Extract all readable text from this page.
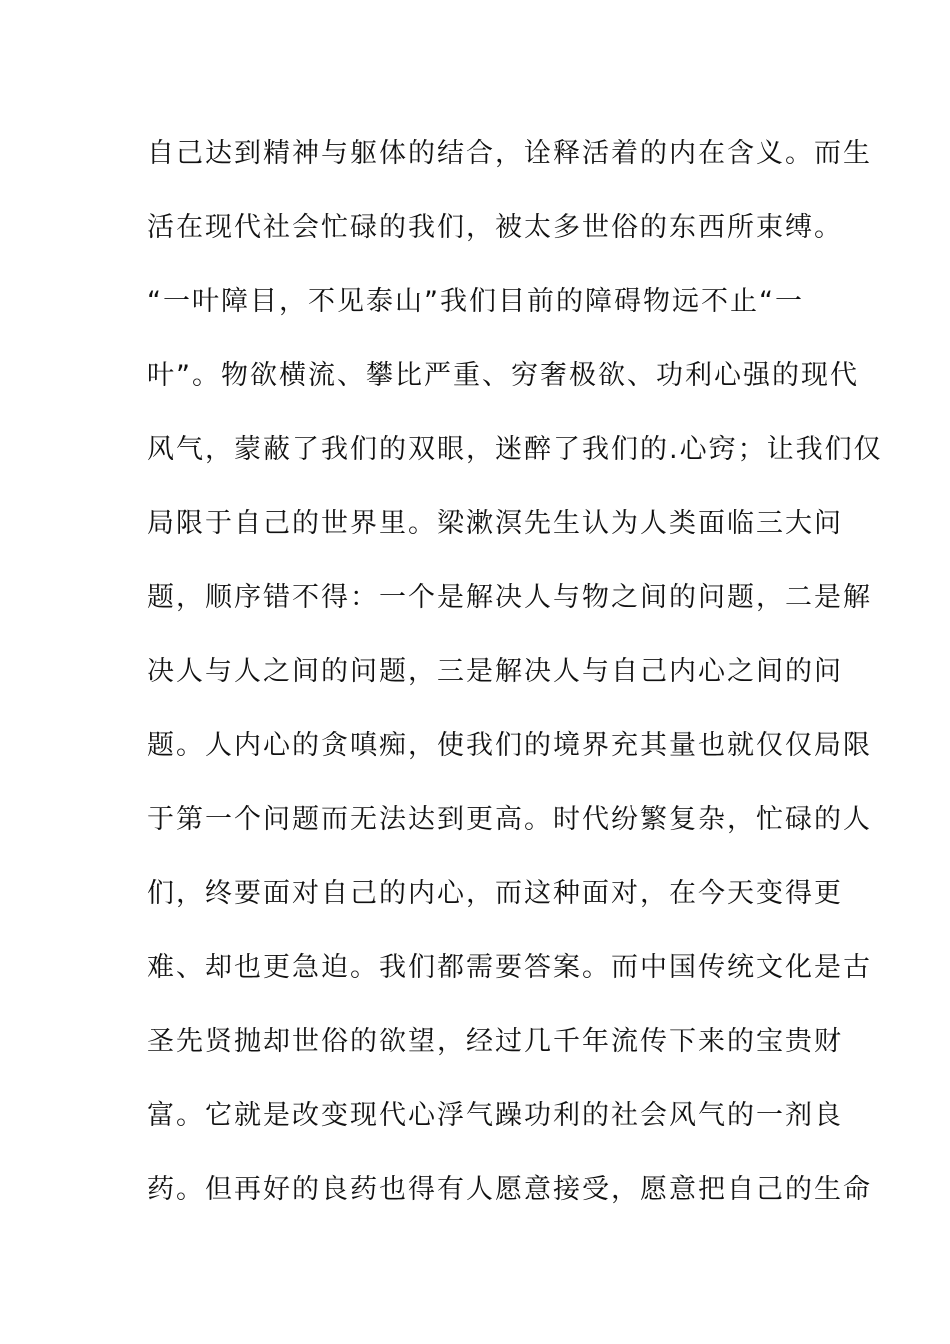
自己达到精神与躯体的结合，诠释活着的内在含义。而生
活在现代社会忙碌的我们，被太多世俗的东西所束缚。
“一叶障目，不见泰山”我们目前的障碍物远不止“一
叶”。物欲横流、攀比严重、穷奢极欲、功利心强的现代
风气，蒙蔽了我们的双眼，迷醉了我们的.心窍；让我们仅
局限于自己的世界里。梁漱溟先生认为人类面临三大问
题，顺序错不得：一个是解决人与物之间的问题，二是解
决人与人之间的问题，三是解决人与自己内心之间的问
题。人内心的贪嗔痴，使我们的境界充其量也就仅仅局限
于第一个问题而无法达到更高。时代纷繁复杂，忙碌的人
们，终要面对自己的内心，而这种面对，在今天变得更
难、却也更急迫。我们都需要答案。而中国传统文化是古
圣先贤抛却世俗的欲望，经过几千年流传下来的宝贵财
富。它就是改变现代心浮气躁功利的社会风气的一剂良
药。但再好的良药也得有人愿意接受，愿意把自己的生命
